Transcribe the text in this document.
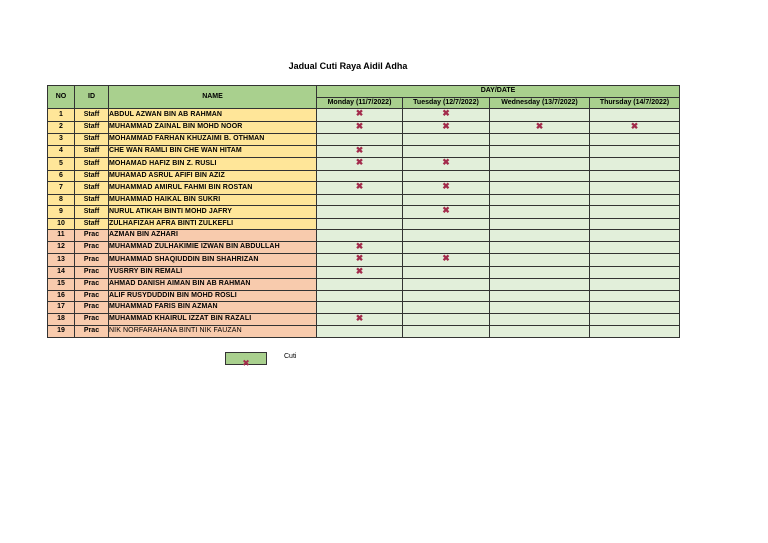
Jadual Cuti Raya Aidil Adha
NO	ID	NAME	DAY/DATE			
			Monday (11/7/2022)	Tuesday (12/7/2022)	Wednesday (13/7/2022)	Thursday (14/7/2022)
1	Staff	ABDUL AZWAN BIN AB RAHMAN	✖	✖		
2	Staff	MUHAMMAD ZAINAL BIN MOHD NOOR	✖	✖	✖	✖
3	Staff	MOHAMMAD FARHAN KHUZAIMI B. OTHMAN				
4	Staff	CHE WAN RAMLI BIN CHE WAN HITAM	✖			
5	Staff	MOHAMAD HAFIZ BIN Z. RUSLI	✖	✖		
6	Staff	MUHAMAD ASRUL AFIFI BIN AZIZ				
7	Staff	MUHAMMAD AMIRUL FAHMI BIN ROSTAN	✖	✖		
8	Staff	MUHAMMAD HAIKAL BIN SUKRI				
9	Staff	NURUL ATIKAH BINTI MOHD JAFRY		✖		
10	Staff	ZULHAFIZAH AFRA BINTI ZULKEFLI				
11	Prac	AZMAN BIN AZHARI				
12	Prac	MUHAMMAD ZULHAKIMIE IZWAN BIN ABDULLAH	✖			
13	Prac	MUHAMMAD SHAQIUDDIN BIN SHAHRIZAN	✖	✖		
14	Prac	YUSRRY BIN REMALI	✖			
15	Prac	AHMAD DANISH AIMAN BIN AB RAHMAN				
16	Prac	ALIF RUSYDUDDIN BIN MOHD ROSLI				
17	Prac	MUHAMMAD FARIS BIN AZMAN				
18	Prac	MUHAMMAD KHAIRUL IZZAT BIN RAZALI	✖			
19	Prac	NIK NORFARAHANA BINTI NIK FAUZAN				
✖
Cuti
